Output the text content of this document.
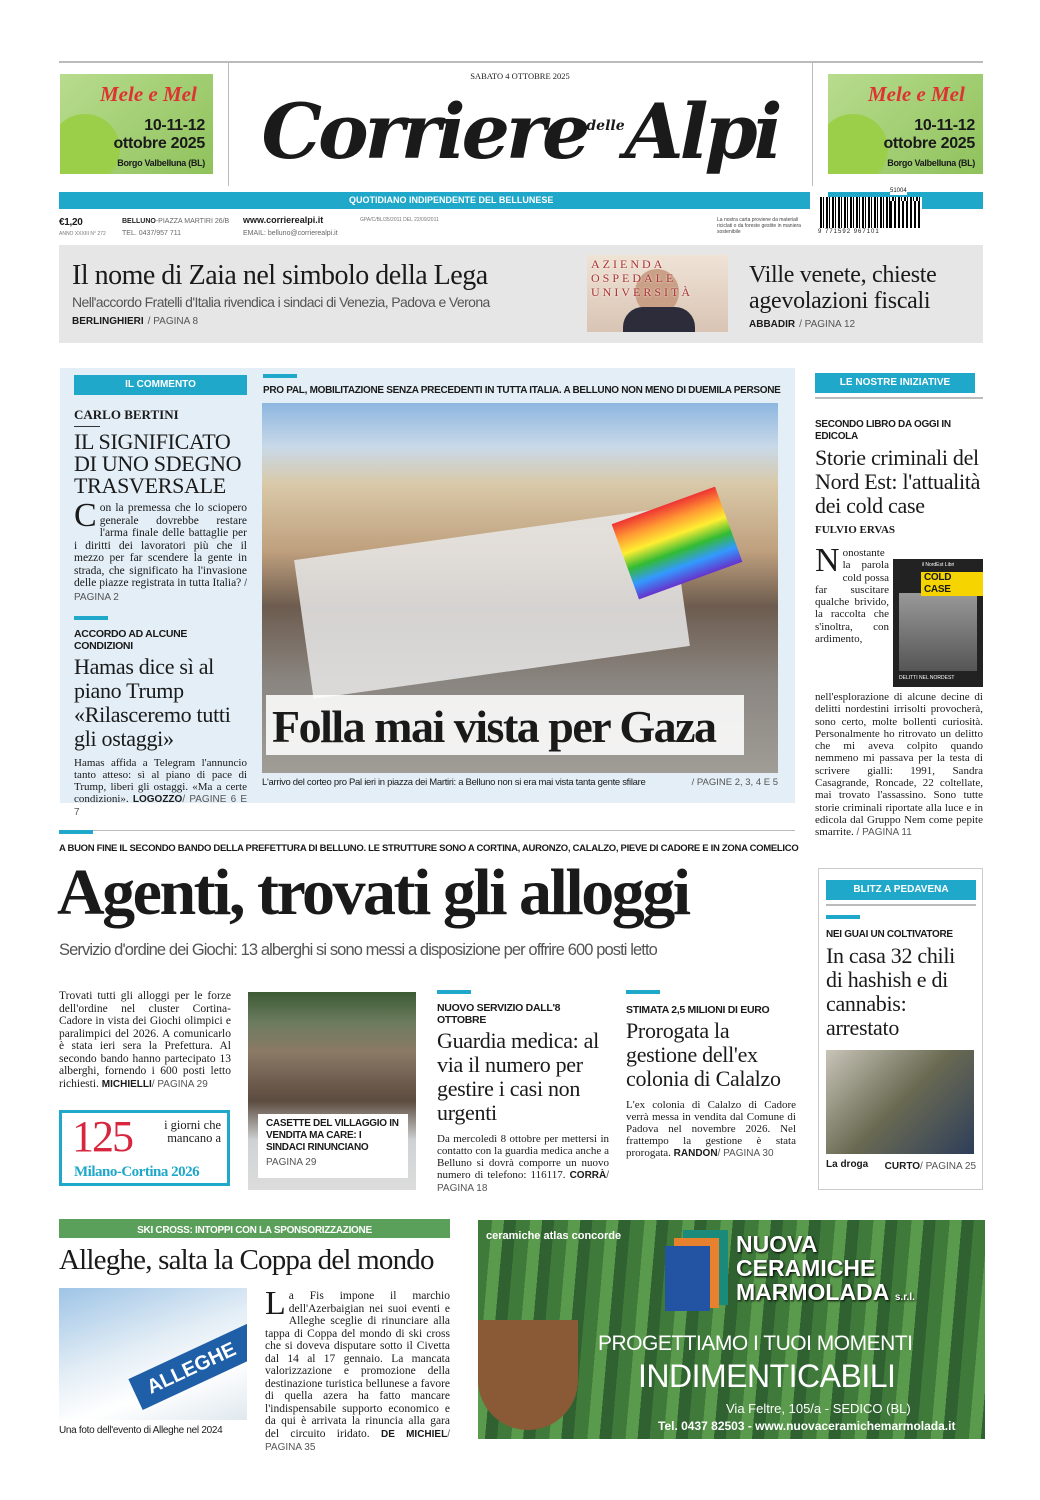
Mele e Mel
10-11-12
ottobre 2025
Borgo Valbelluna (BL)
SABATO 4 OTTOBRE 2025
Corriere$^{delle}$Alpi	Mele e Mel
10-11-12
ottobre 2025
Borgo Valbelluna (BL)
QUOTIDIANO INDIPENDENTE DEL BELLUNESE
€1,20
ANNO XXXIII N° 272
BELLUNO-PIAZZA MARTIRI 26/B
TEL. 0437/957 711
www.corrierealpi.it
EMAIL: belluno@corrierealpi.it
GPA/C/BL/35/2011 DEL 22/09/2011	La nostra carta proviene da materiali riciclati o da foreste gestite in maniera sostenibile
51004
9 771592 967101
Il nome di Zaia nel simbolo della Lega
Nell'accordo Fratelli d'Italia rivendica i sindaci di Venezia, Padova e Verona
BERLINGHIERI / PAGINA 8
AZIENDA OSPEDALE UNIVERSITÀ
Ville venete, chieste agevolazioni fiscali
ABBADIR / PAGINA 12
IL COMMENTO
CARLO BERTINI
IL SIGNIFICATO DI UNO SDEGNO TRASVERSALE
Con la premessa che lo sciopero generale dovrebbe restare l'arma finale delle battaglie per i diritti dei lavoratori più che il mezzo per far scendere la gente in strada, che significato ha l'invasione delle piazze registrata in tutta Italia? / PAGINA 2
ACCORDO AD ALCUNE CONDIZIONI
Hamas dice sì al piano Trump «Rilasceremo tutti gli ostaggi»
Hamas affida a Telegram l'annuncio tanto atteso: sì al piano di pace di Trump, liberi gli ostaggi. «Ma a certe condizioni». LOGOZZO/ PAGINE 6 E 7
PRO PAL, MOBILITAZIONE SENZA PRECEDENTI IN TUTTA ITALIA. A BELLUNO NON MENO DI DUEMILA PERSONE
Folla mai vista per Gaza
L'arrivo del corteo pro Pal ieri in piazza dei Martiri: a Belluno non si era mai vista tanta gente sfilare	/ PAGINE 2, 3, 4 E 5
LE NOSTRE INIZIATIVE
SECONDO LIBRO DA OGGI IN EDICOLA
Storie criminali del Nord Est: l'attualità dei cold case
FULVIO ERVAS
N	il NordEst Libri
COLD CASE
DELITTI NEL NORDEST
onostante la parola cold possa far suscitare qualche brivido, la raccolta che s'inoltra, con ardimento, nell'esplorazione di alcune decine di delitti nordestini irrisolti provocherà, sono certo, molte bollenti curiosità. Personalmente ho ritrovato un delitto che mi aveva colpito quando nemmeno mi passava per la testa di scrivere gialli: 1991, Sandra Casagrande, Roncade, 22 coltellate, mai trovato l'assassino. Sono tutte storie criminali riportate alla luce e in edicola dal Gruppo Nem come pepite smarrite. / PAGINA 11
A BUON FINE IL SECONDO BANDO DELLA PREFETTURA DI BELLUNO. LE STRUTTURE SONO A CORTINA, AURONZO, CALALZO, PIEVE DI CADORE E IN ZONA COMELICO
Agenti, trovati gli alloggi
Servizio d'ordine dei Giochi: 13 alberghi si sono messi a disposizione per offrire 600 posti letto
Trovati tutti gli alloggi per le forze dell'ordine nel cluster Cortina-Cadore in vista dei Giochi olimpici e paralimpici del 2026. A comunicarlo è stata ieri sera la Prefettura. Al secondo bando hanno partecipato 13 alberghi, fornendo i 600 posti letto richiesti. MICHIELLI/ PAGINA 29
125	i giorni che mancano a
Milano-Cortina 2026
CASETTE DEL VILLAGGIO IN VENDITA MA CARE: I SINDACI RINUNCIANO
PAGINA 29
NUOVO SERVIZIO DALL'8 OTTOBRE
Guardia medica: al via il numero per gestire i casi non urgenti
Da mercoledì 8 ottobre per mettersi in contatto con la guardia medica anche a Belluno si dovrà comporre un nuovo numero di telefono: 116117. CORRÀ/ PAGINA 18
STIMATA 2,5 MILIONI DI EURO
Prorogata la gestione dell'ex colonia di Calalzo
L'ex colonia di Calalzo di Cadore verrà messa in vendita dal Comune di Padova nel novembre 2026. Nel frattempo la gestione è stata prorogata. RANDON/ PAGINA 30
BLITZ A PEDAVENA
NEI GUAI UN COLTIVATORE
In casa 32 chili di hashish e di cannabis: arrestato
La droga CURTO/ PAGINA 25
SKI CROSS: INTOPPI CON LA SPONSORIZZAZIONE
Alleghe, salta la Coppa del mondo
ALLEGHE
Una foto dell'evento di Alleghe nel 2024
La Fis impone il marchio dell'Azerbaigian nei suoi eventi e Alleghe sceglie di rinunciare alla tappa di Coppa del mondo di ski cross che si doveva disputare sotto il Civetta dal 14 al 17 gennaio. La mancata valorizzazione e promozione della destinazione turistica bellunese a favore di quella azera ha fatto mancare l'indispensabile supporto economico e da qui è arrivata la rinuncia alla gara del circuito iridato. DE MICHIEL/ PAGINA 35
ceramiche atlas concorde	NUOVA
CERAMICHE
MARMOLADA s.r.l.
PROGETTIAMO I TUOI MOMENTI
INDIMENTICABILI
Via Feltre, 105/a - SEDICO (BL)
Tel. 0437 82503 - www.nuovaceramichemarmolada.it
